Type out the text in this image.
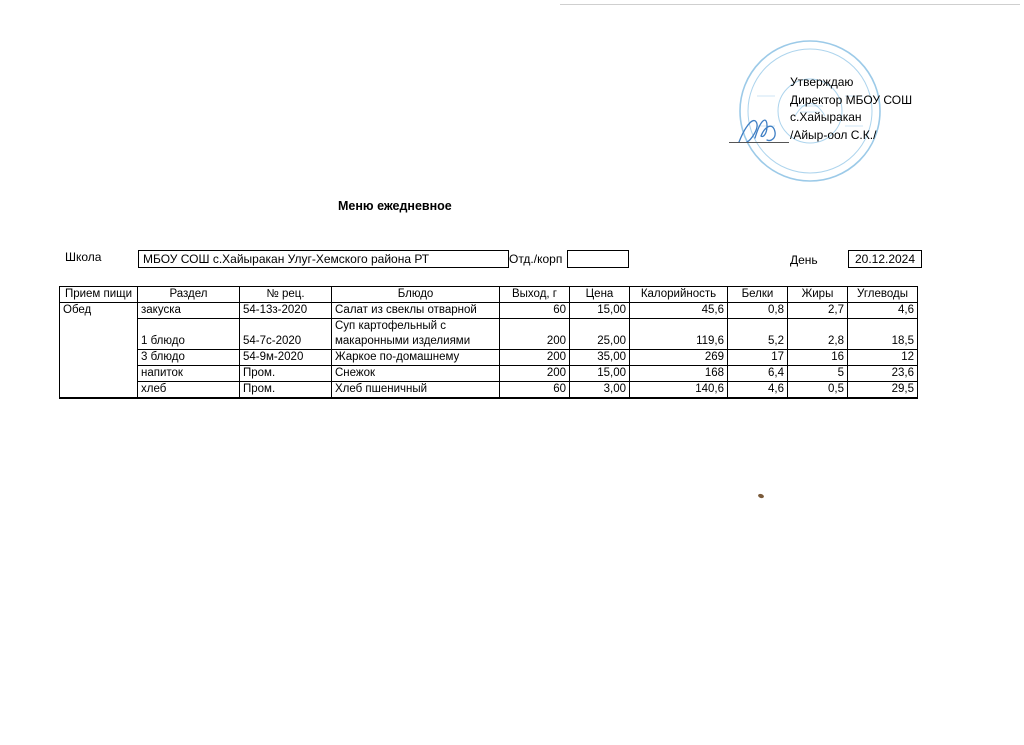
Утверждаю
Директор МБОУ СОШ
с.Хайыракан
/Айыр-оол С.К./
Меню ежедневное
Школа	МБОУ СОШ с.Хайыракан Улуг-Хемского района РТ	Отд./корп	День	20.12.2024
Прием пищи	Раздел	№ рец.	Блюдо	Выход, г	Цена	Калорийность	Белки	Жиры	Углеводы
Обед	закуска	54-13з-2020	Салат из свеклы отварной	60	15,00	45,6	0,8	2,7	4,6
	1 блюдо	54-7с-2020	Суп картофельный с макаронными изделиями	200	25,00	119,6	5,2	2,8	18,5
	3 блюдо	54-9м-2020	Жаркое по-домашнему	200	35,00	269	17	16	12
	напиток	Пром.	Снежок	200	15,00	168	6,4	5	23,6
	хлеб	Пром.	Хлеб пшеничный	60	3,00	140,6	4,6	0,5	29,5
